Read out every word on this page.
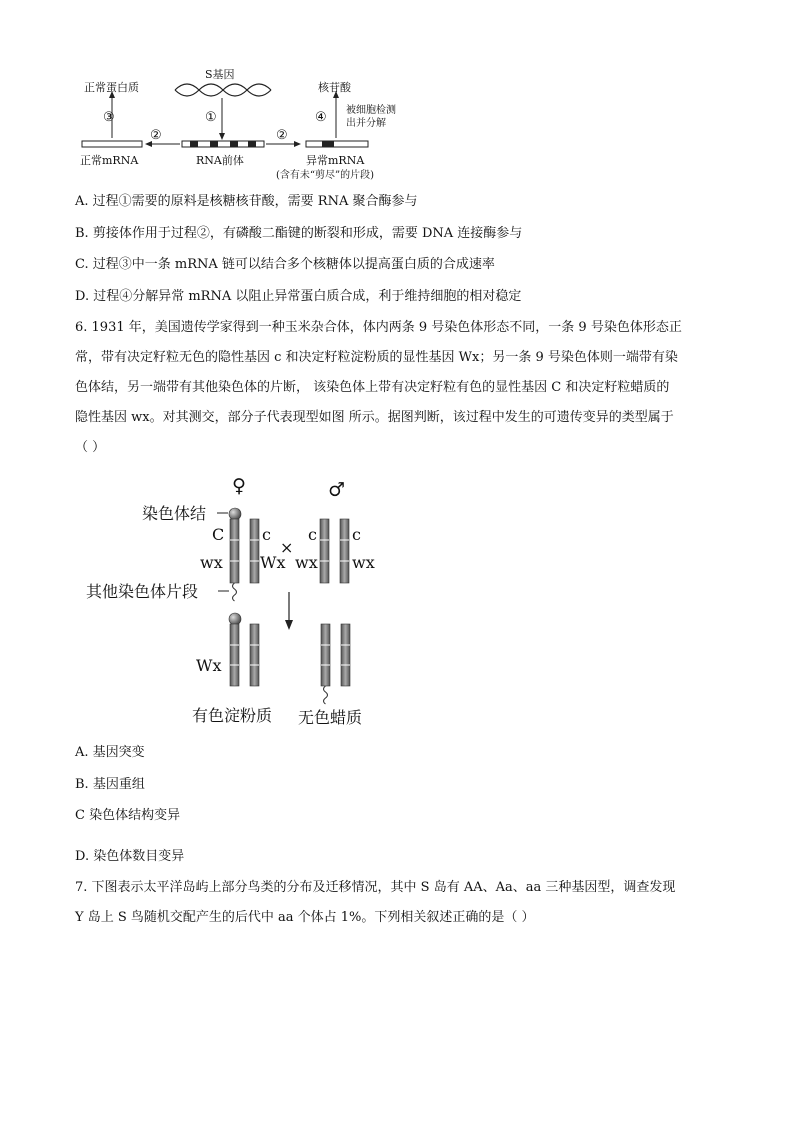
S基因
正常蛋白质	核苷酸
被细胞检测
出并分解
①
②	②
③	④
正常mRNA	RNA前体	异常mRNA
(含有未“剪尽”的片段)
A. 过程①需要的原料是核糖核苷酸，需要 RNA 聚合酶参与
B. 剪接体作用于过程②，有磷酸二酯键的断裂和形成，需要 DNA 连接酶参与
C. 过程③中一条 mRNA 链可以结合多个核糖体以提高蛋白质的合成速率
D. 过程④分解异常 mRNA 以阻止异常蛋白质合成，利于维持细胞的相对稳定
6. 1931 年，美国遗传学家得到一种玉米杂合体，体内两条 9 号染色体形态不同，一条 9 号染色体形态正
常，带有决定籽粒无色的隐性基因 c 和决定籽粒淀粉质的显性基因 Wx；另一条 9 号染色体则一端带有染
色体结，另一端带有其他染色体的片断， 该染色体上带有决定籽粒有色的显性基因 C 和决定籽粒蜡质的
隐性基因 wx。对其测交，部分子代表现型如图 所示。据图判断，该过程中发生的可遗传变异的类型属于
（ ）
♀	♂
染色体结
其他染色体片段
×
C c c c
wx Wx wx wx
Wx
有色淀粉质 无色蜡质
A. 基因突变
B. 基因重组
C 染色体结构变异
D. 染色体数目变异
7. 下图表示太平洋岛屿上部分鸟类的分布及迁移情况，其中 S 岛有 AA、Aa、aa 三种基因型，调查发现
Y 岛上 S 鸟随机交配产生的后代中 aa 个体占 1%。下列相关叙述正确的是（ ）
